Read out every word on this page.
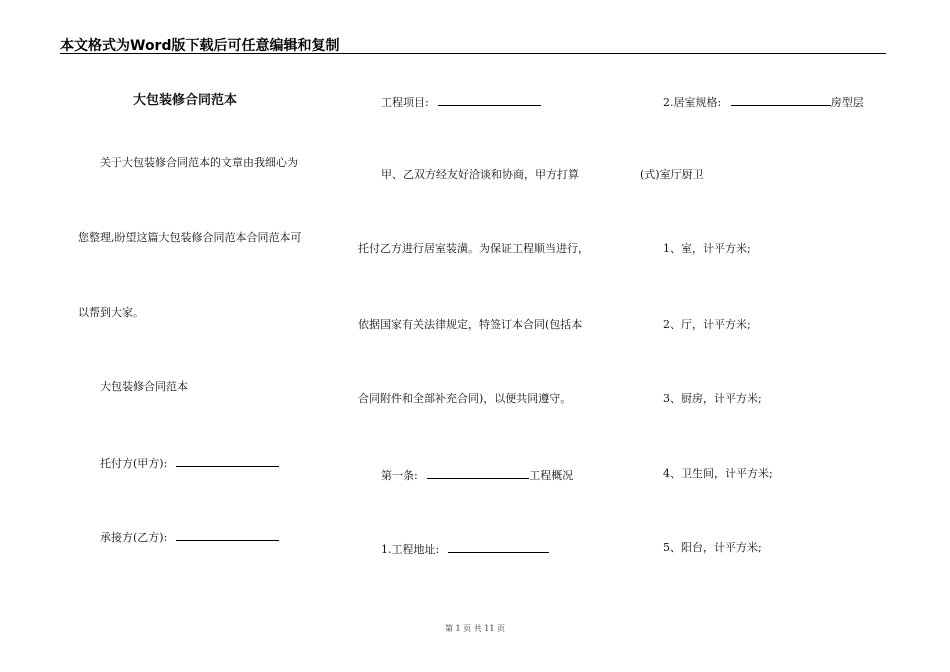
本文格式为Word版下载后可任意编辑和复制
大包装修合同范本
关于大包装修合同范本的文章由我细心为
您整理,盼望这篇大包装修合同范本合同范本可
以帮到大家。
大包装修合同范本
托付方(甲方):
承接方(乙方):
工程项目:
甲、乙双方经友好洽谈和协商，甲方打算
托付乙方进行居室装潢。为保证工程顺当进行，
依据国家有关法律规定，特签订本合同(包括本
合同附件和全部补充合同)，以便共同遵守。
第一条:	工程概况
1.工程地址:
2.居室规格:	房型层
(式)室厅厨卫
1、室，计平方米;
2、厅，计平方米;
3、厨房，计平方米;
4、卫生间，计平方米;
5、阳台，计平方米;
第 1 页 共 11 页
